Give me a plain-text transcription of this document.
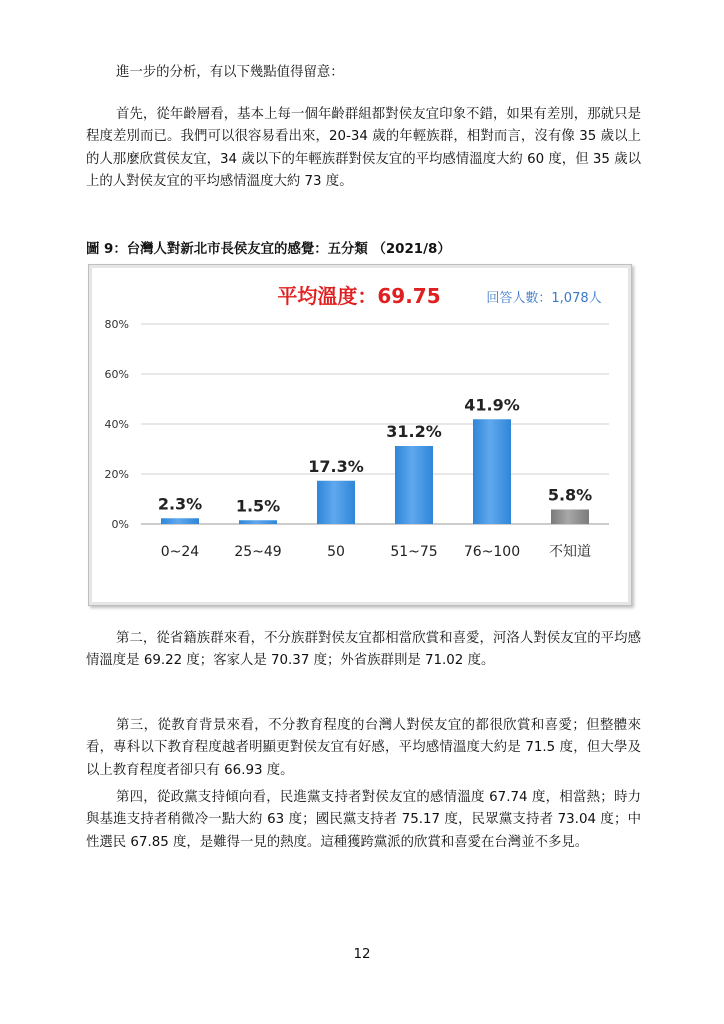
進一步的分析，有以下幾點值得留意：

首先，從年齡層看，基本上每一個年齡群組都對侯友宜印象不錯，如果有差別，那就只是程度差別而已。我們可以很容易看出來，20-34 歲的年輕族群，相對而言，沒有像 35 歲以上的人那麼欣賞侯友宜，34 歲以下的年輕族群對侯友宜的平均感情溫度大約 60 度，但 35 歲以上的人對侯友宜的平均感情溫度大約 73 度。

圖 9：台灣人對新北市長侯友宜的感覺：五分類 （2021/8）

平均溫度：69.75	回答人數：1,078人
0%
20%
40%
60%
80%
2.3%
0~24
1.5%
25~49
17.3%
50
31.2%
51~75
41.9%
76~100
5.8%
不知道

第二，從省籍族群來看，不分族群對侯友宜都相當欣賞和喜愛，河洛人對侯友宜的平均感情溫度是 69.22 度；客家人是 70.37 度；外省族群則是 71.02 度。

第三，從教育背景來看，不分教育程度的台灣人對侯友宜的都很欣賞和喜愛；但整體來看，專科以下教育程度越者明顯更對侯友宜有好感，平均感情溫度大約是 71.5 度，但大學及以上教育程度者卻只有 66.93 度。

第四，從政黨支持傾向看，民進黨支持者對侯友宜的感情溫度 67.74 度，相當熱；時力與基進支持者稍微冷一點大約 63 度；國民黨支持者 75.17 度，民眾黨支持者 73.04 度；中性選民 67.85 度，是難得一見的熱度。這種獲跨黨派的欣賞和喜愛在台灣並不多見。

12
